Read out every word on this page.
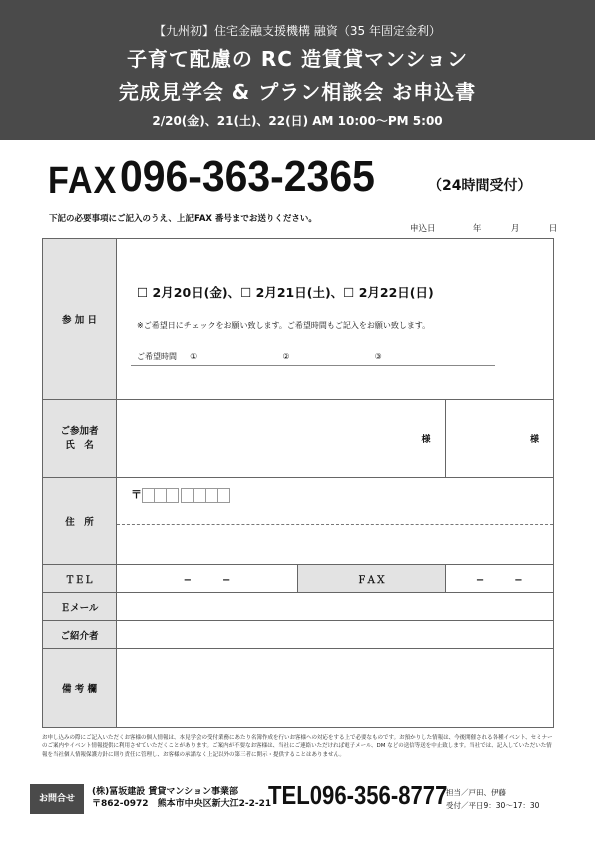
【九州初】住宅金融支援機構 融資（35 年固定金利）
子育て配慮の RC 造賃貸マンション
完成見学会 & プラン相談会 お申込書
2/20(金)、21(土)、22(日) AM 10:00〜PM 5:00
FAX 096-363-2365	（24時間受付）
下記の必要事項にご記入のうえ、上記FAX 番号までお送りください。
申込日	年	月	日
参 加 日	☐ 2月20日(金)、☐ 2月21日(土)、☐ 2月22日(日)
※ご希望日にチェックをお願い致します。ご希望時間もご記入をお願い致します。
ご希望時間 ① ② ③		

ご参加者
氏　名	様		様
住　所	〒		

ＴＥＬ	−　　　−	ＦＡＸ	−　　　−
Ｅメール			
ご紹介者			
備 考 欄			
お申し込みの際にご記入いただくお客様の個人情報は、本見学会の受付業務にあたり名簿作成を行いお客様への対応をする上で必要なものです。お預かりした情報は、今後開催される各種イベント、セミナーのご案内やイベント情報提供に利用させていただくことがあります。ご案内が不要なお客様は、当社にご連絡いただければ電子メール、DM などの送信等送を中止致します。当社では、記入していただいた情報を当社個人情報保護方針に則り責任に管理し、お客様の承諾なく上記以外の第三者に開示・提供することはありません。
お問合せ
(株)冨坂建設 賃貸マンション事業部
〒862-0972　熊本市中央区新大江2-2-21
TEL096-356-8777
担当／戸田、伊藤
受付／平日9：30〜17：30
